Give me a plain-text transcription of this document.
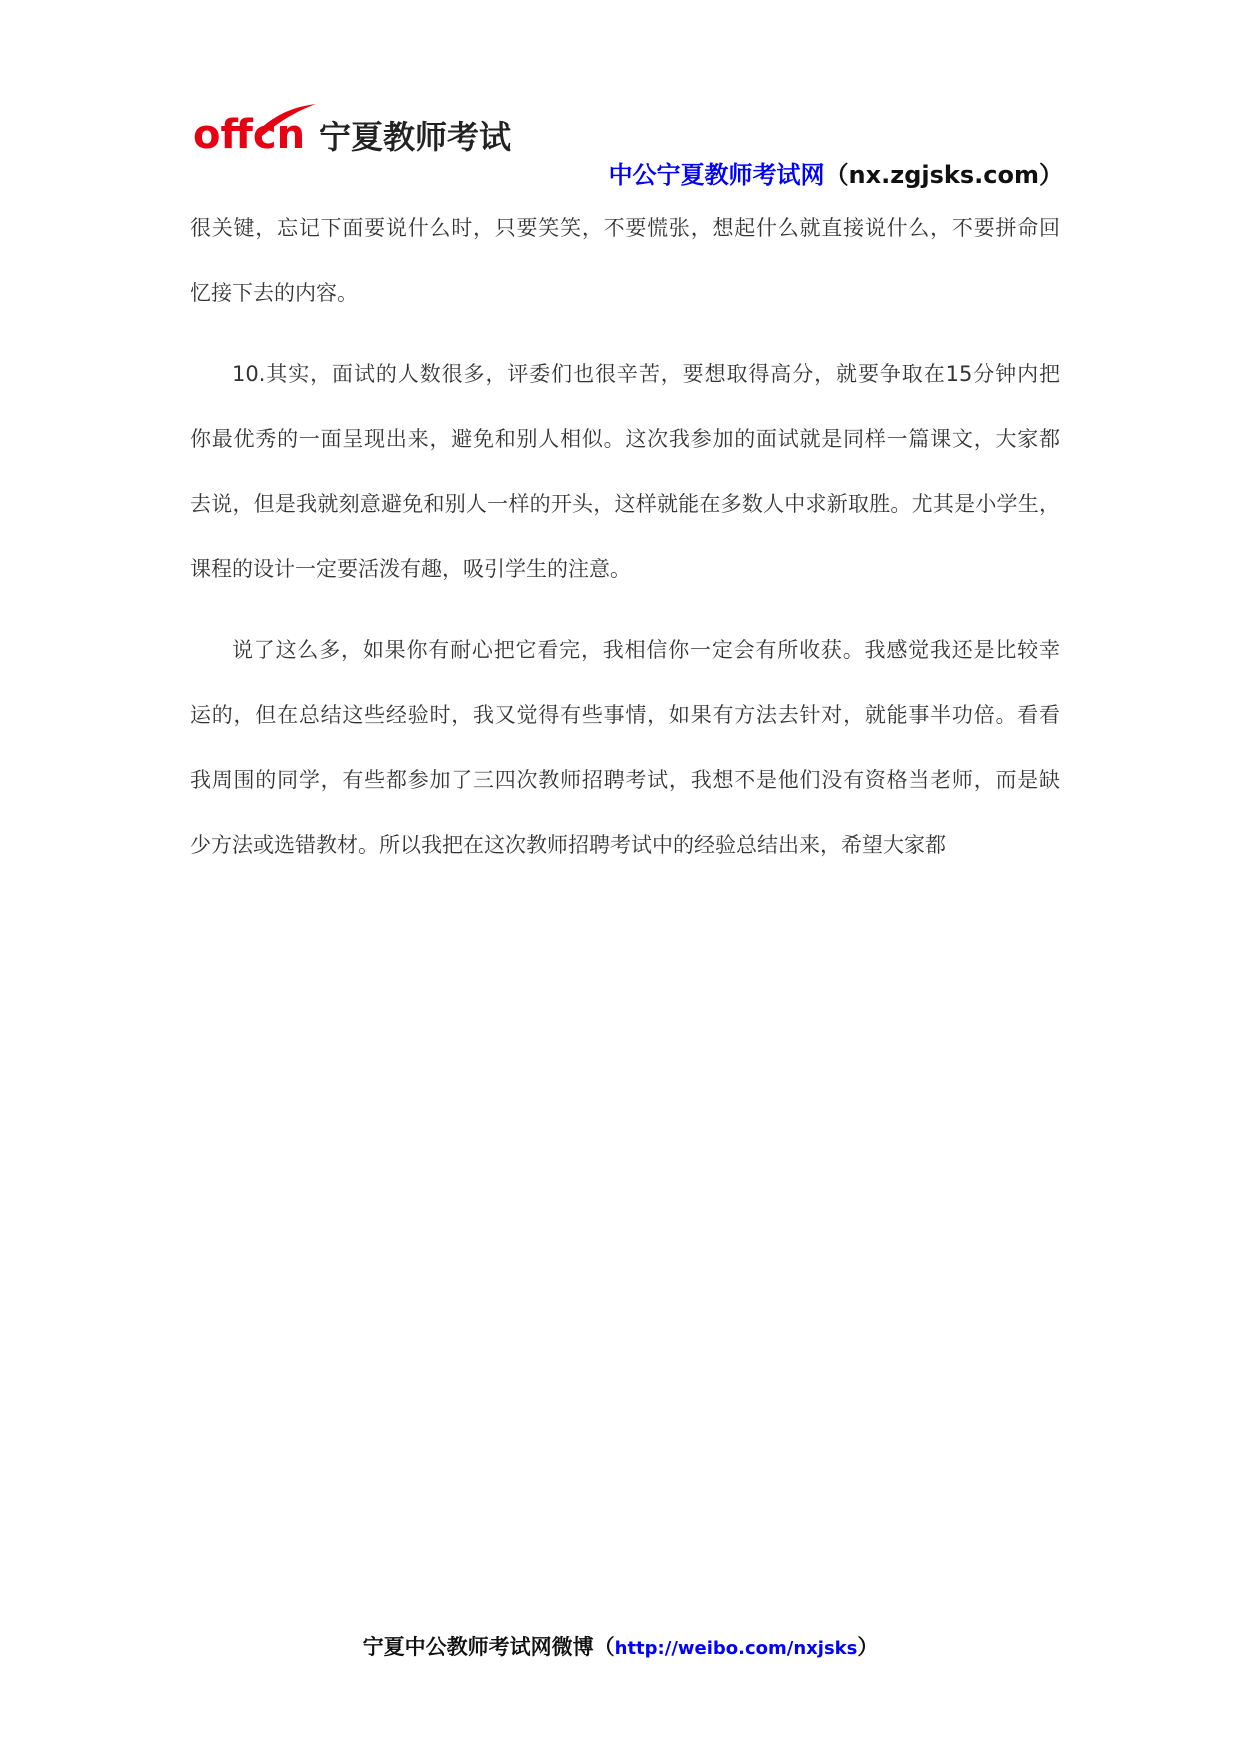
offcn 宁夏教师考试
中公宁夏教师考试网（nx.zgjsks.com）
很关键，忘记下面要说什么时，只要笑笑，不要慌张，想起什么就直接说什么，不要拼命回
忆接下去的内容。
10.其实，面试的人数很多，评委们也很辛苦，要想取得高分，就要争取在15分钟内把
你最优秀的一面呈现出来，避免和别人相似。这次我参加的面试就是同样一篇课文，大家都
去说，但是我就刻意避免和别人一样的开头，这样就能在多数人中求新取胜。尤其是小学生，
课程的设计一定要活泼有趣，吸引学生的注意。
说了这么多，如果你有耐心把它看完，我相信你一定会有所收获。我感觉我还是比较幸
运的，但在总结这些经验时，我又觉得有些事情，如果有方法去针对，就能事半功倍。看看
我周围的同学，有些都参加了三四次教师招聘考试，我想不是他们没有资格当老师，而是缺
少方法或选错教材。所以我把在这次教师招聘考试中的经验总结出来，希望大家都
宁夏中公教师考试网微博（http://weibo.com/nxjsks）
